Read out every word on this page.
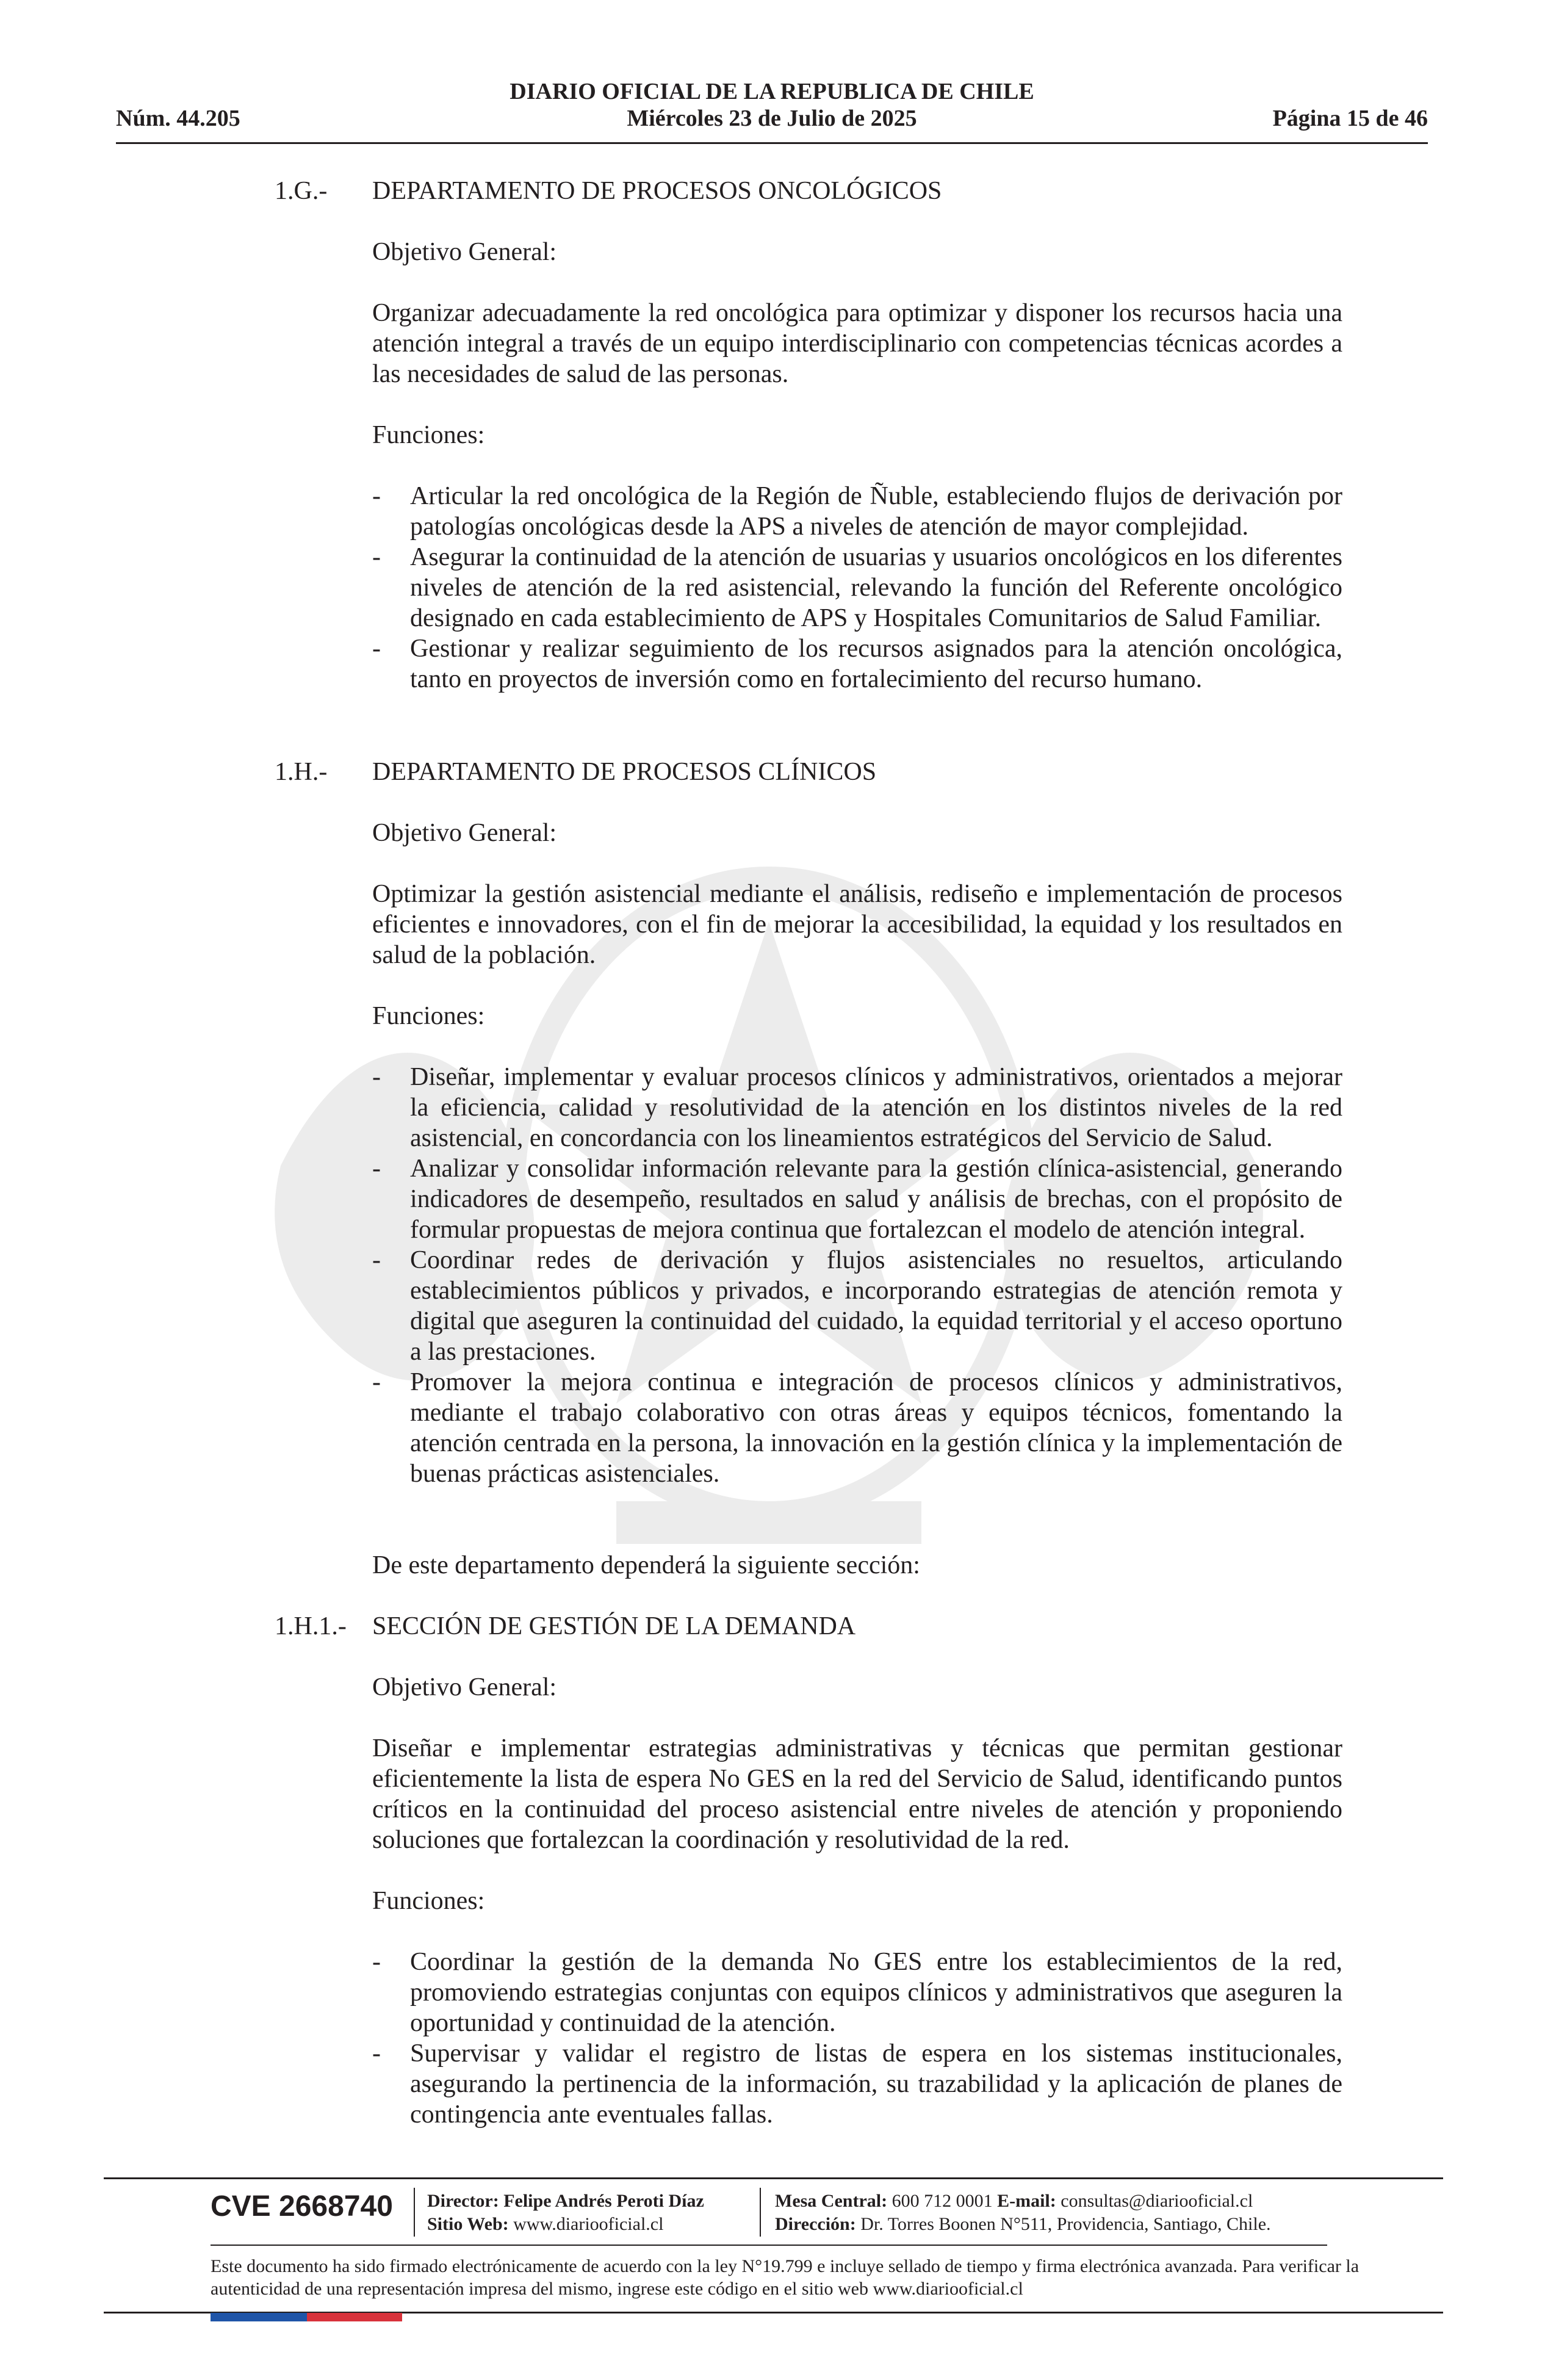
Núm. 44.205
DIARIO OFICIAL DE LA REPUBLICA DE CHILE
Miércoles 23 de Julio de 2025	Página 15 de 46
1.G.- DEPARTAMENTO DE PROCESOS ONCOLÓGICOS
Objetivo General:

Organizar adecuadamente la red oncológica para optimizar y disponer los recursos hacia una atención integral a través de un equipo interdisciplinario con competencias técnicas acordes a las necesidades de salud de las personas.

Funciones:
- Articular la red oncológica de la Región de Ñuble, estableciendo flujos de derivación por patologías oncológicas desde la APS a niveles de atención de mayor complejidad.
- Asegurar la continuidad de la atención de usuarias y usuarios oncológicos en los diferentes niveles de atención de la red asistencial, relevando la función del Referente oncológico designado en cada establecimiento de APS y Hospitales Comunitarios de Salud Familiar.
- Gestionar y realizar seguimiento de los recursos asignados para la atención oncológica, tanto en proyectos de inversión como en fortalecimiento del recurso humano.
1.H.- DEPARTAMENTO DE PROCESOS CLÍNICOS
Objetivo General:

Optimizar la gestión asistencial mediante el análisis, rediseño e implementación de procesos eficientes e innovadores, con el fin de mejorar la accesibilidad, la equidad y los resultados en salud de la población.

Funciones:
- Diseñar, implementar y evaluar procesos clínicos y administrativos, orientados a mejorar la eficiencia, calidad y resolutividad de la atención en los distintos niveles de la red asistencial, en concordancia con los lineamientos estratégicos del Servicio de Salud.
- Analizar y consolidar información relevante para la gestión clínica-asistencial, generando indicadores de desempeño, resultados en salud y análisis de brechas, con el propósito de formular propuestas de mejora continua que fortalezcan el modelo de atención integral.
- Coordinar redes de derivación y flujos asistenciales no resueltos, articulando establecimientos públicos y privados, e incorporando estrategias de atención remota y digital que aseguren la continuidad del cuidado, la equidad territorial y el acceso oportuno a las prestaciones.
- Promover la mejora continua e integración de procesos clínicos y administrativos, mediante el trabajo colaborativo con otras áreas y equipos técnicos, fomentando la atención centrada en la persona, la innovación en la gestión clínica y la implementación de buenas prácticas asistenciales.
De este departamento dependerá la siguiente sección:
1.H.1.- SECCIÓN DE GESTIÓN DE LA DEMANDA
Objetivo General:

Diseñar e implementar estrategias administrativas y técnicas que permitan gestionar eficientemente la lista de espera No GES en la red del Servicio de Salud, identificando puntos críticos en la continuidad del proceso asistencial entre niveles de atención y proponiendo soluciones que fortalezcan la coordinación y resolutividad de la red.

Funciones:
- Coordinar la gestión de la demanda No GES entre los establecimientos de la red, promoviendo estrategias conjuntas con equipos clínicos y administrativos que aseguren la oportunidad y continuidad de la atención.
- Supervisar y validar el registro de listas de espera en los sistemas institucionales, asegurando la pertinencia de la información, su trazabilidad y la aplicación de planes de contingencia ante eventuales fallas.
CVE 2668740 Director: Felipe Andrés Peroti Díaz
Sitio Web: www.diariooficial.cl
Mesa Central: 600 712 0001 E-mail: consultas@diariooficial.cl
Dirección: Dr. Torres Boonen N°511, Providencia, Santiago, Chile.
Este documento ha sido firmado electrónicamente de acuerdo con la ley N°19.799 e incluye sellado de tiempo y firma electrónica avanzada. Para verificar la autenticidad de una representación impresa del mismo, ingrese este código en el sitio web www.diariooficial.cl
